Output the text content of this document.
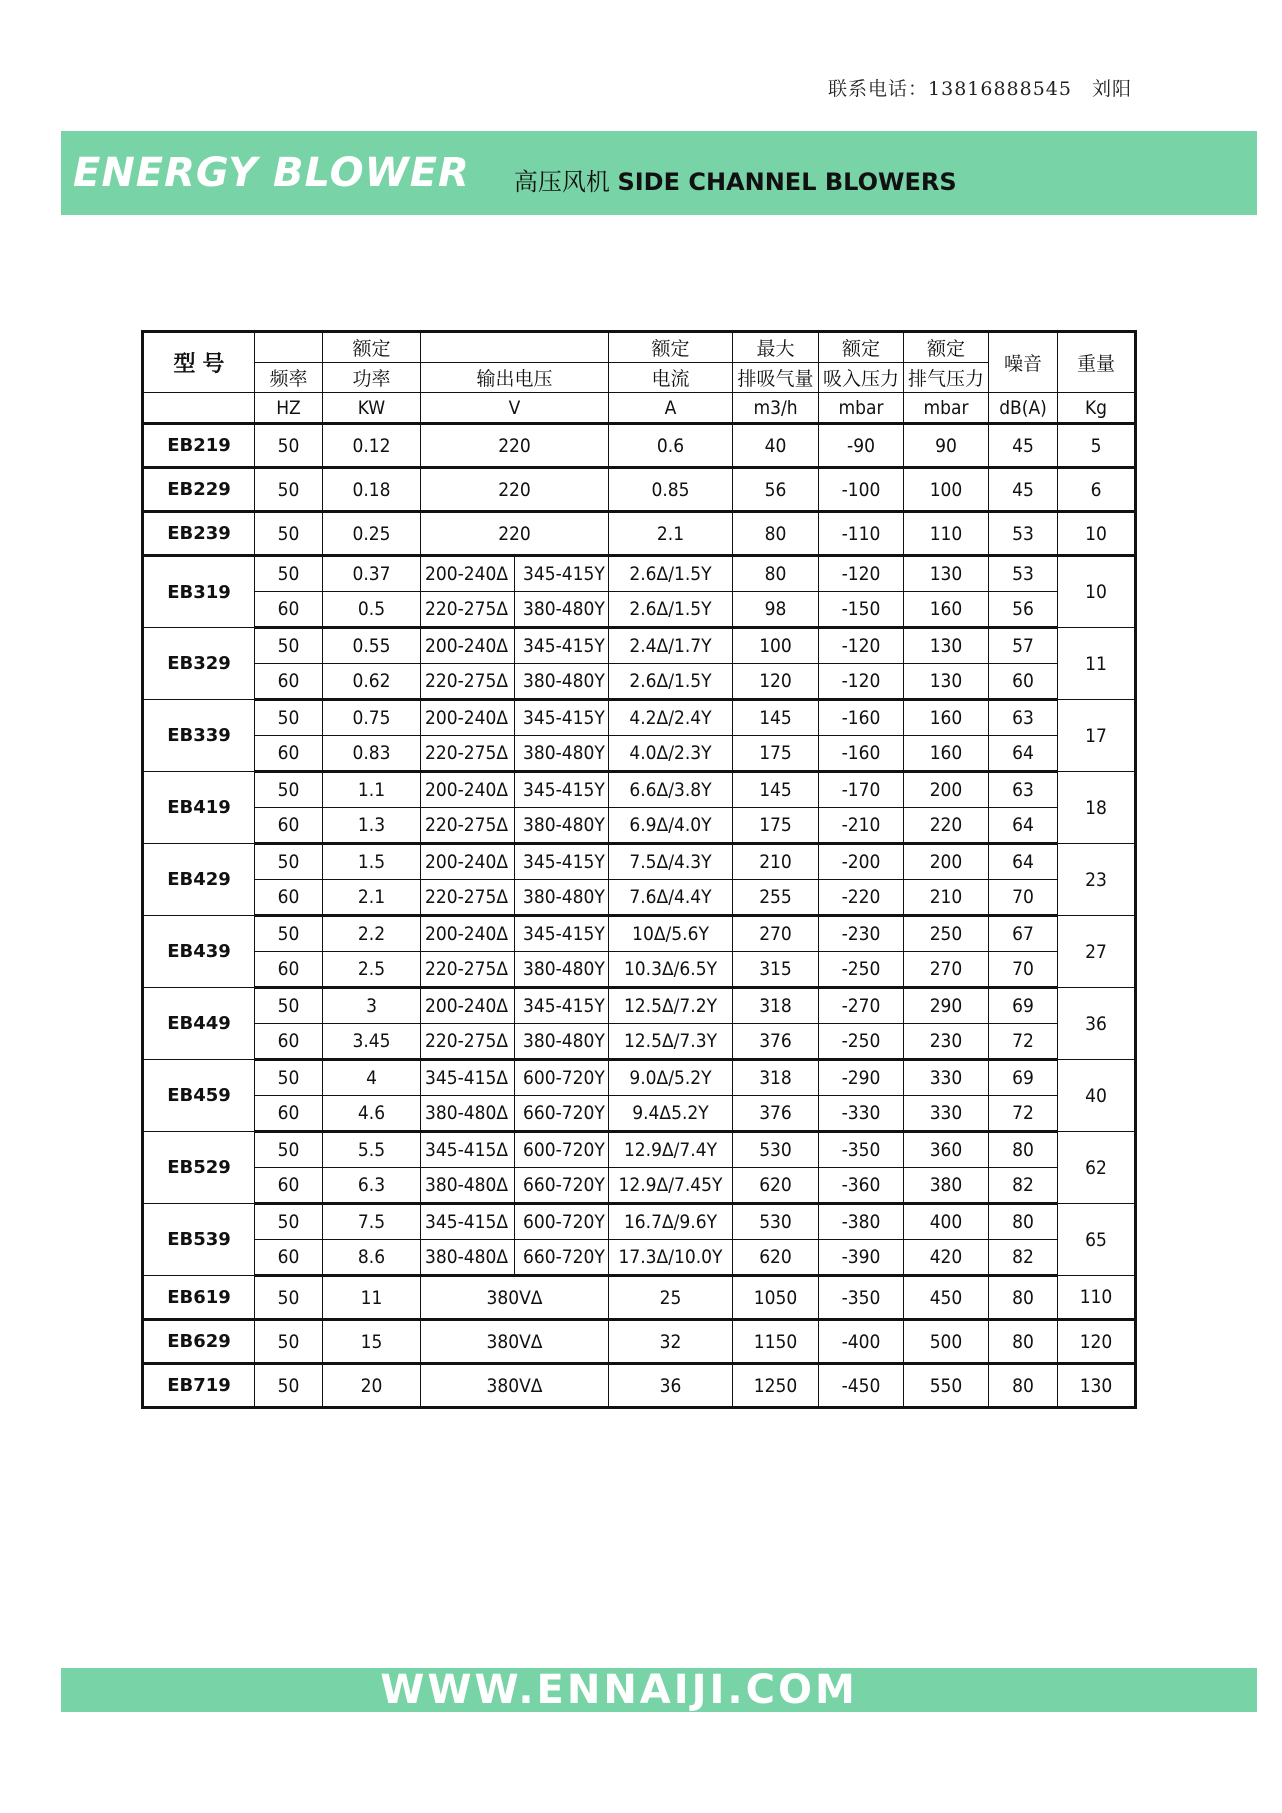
联系电话：13816888545　刘阳
ENERGY BLOWER 高压风机 SIDE CHANNEL BLOWERS
型 号		额定			额定	最大	额定	额定	噪音	重量
	频率	功率	输出电压		电流	排吸气量	吸入压力	排气压力		
	HZ	KW	V		A	m3/h	mbar	mbar	dB(A)	Kg
EB219	50	0.12	220		0.6	40	-90	90	45	5
EB229	50	0.18	220		0.85	56	-100	100	45	6
EB239	50	0.25	220		2.1	80	-110	110	53	10
EB319	50	0.37	200-240Δ	345-415Y	2.6Δ/1.5Y	80	-120	130	53	10
	60	0.5	220-275Δ	380-480Y	2.6Δ/1.5Y	98	-150	160	56	
EB329	50	0.55	200-240Δ	345-415Y	2.4Δ/1.7Y	100	-120	130	57	11
	60	0.62	220-275Δ	380-480Y	2.6Δ/1.5Y	120	-120	130	60	
EB339	50	0.75	200-240Δ	345-415Y	4.2Δ/2.4Y	145	-160	160	63	17
	60	0.83	220-275Δ	380-480Y	4.0Δ/2.3Y	175	-160	160	64	
EB419	50	1.1	200-240Δ	345-415Y	6.6Δ/3.8Y	145	-170	200	63	18
	60	1.3	220-275Δ	380-480Y	6.9Δ/4.0Y	175	-210	220	64	
EB429	50	1.5	200-240Δ	345-415Y	7.5Δ/4.3Y	210	-200	200	64	23
	60	2.1	220-275Δ	380-480Y	7.6Δ/4.4Y	255	-220	210	70	
EB439	50	2.2	200-240Δ	345-415Y	10Δ/5.6Y	270	-230	250	67	27
	60	2.5	220-275Δ	380-480Y	10.3Δ/6.5Y	315	-250	270	70	
EB449	50	3	200-240Δ	345-415Y	12.5Δ/7.2Y	318	-270	290	69	36
	60	3.45	220-275Δ	380-480Y	12.5Δ/7.3Y	376	-250	230	72	
EB459	50	4	345-415Δ	600-720Y	9.0Δ/5.2Y	318	-290	330	69	40
	60	4.6	380-480Δ	660-720Y	9.4Δ5.2Y	376	-330	330	72	
EB529	50	5.5	345-415Δ	600-720Y	12.9Δ/7.4Y	530	-350	360	80	62
	60	6.3	380-480Δ	660-720Y	12.9Δ/7.45Y	620	-360	380	82	
EB539	50	7.5	345-415Δ	600-720Y	16.7Δ/9.6Y	530	-380	400	80	65
	60	8.6	380-480Δ	660-720Y	17.3Δ/10.0Y	620	-390	420	82	
EB619	50	11	380VΔ		25	1050	-350	450	80	110
EB629	50	15	380VΔ		32	1150	-400	500	80	120
EB719	50	20	380VΔ		36	1250	-450	550	80	130
WWW.ENNAIJI.COM
